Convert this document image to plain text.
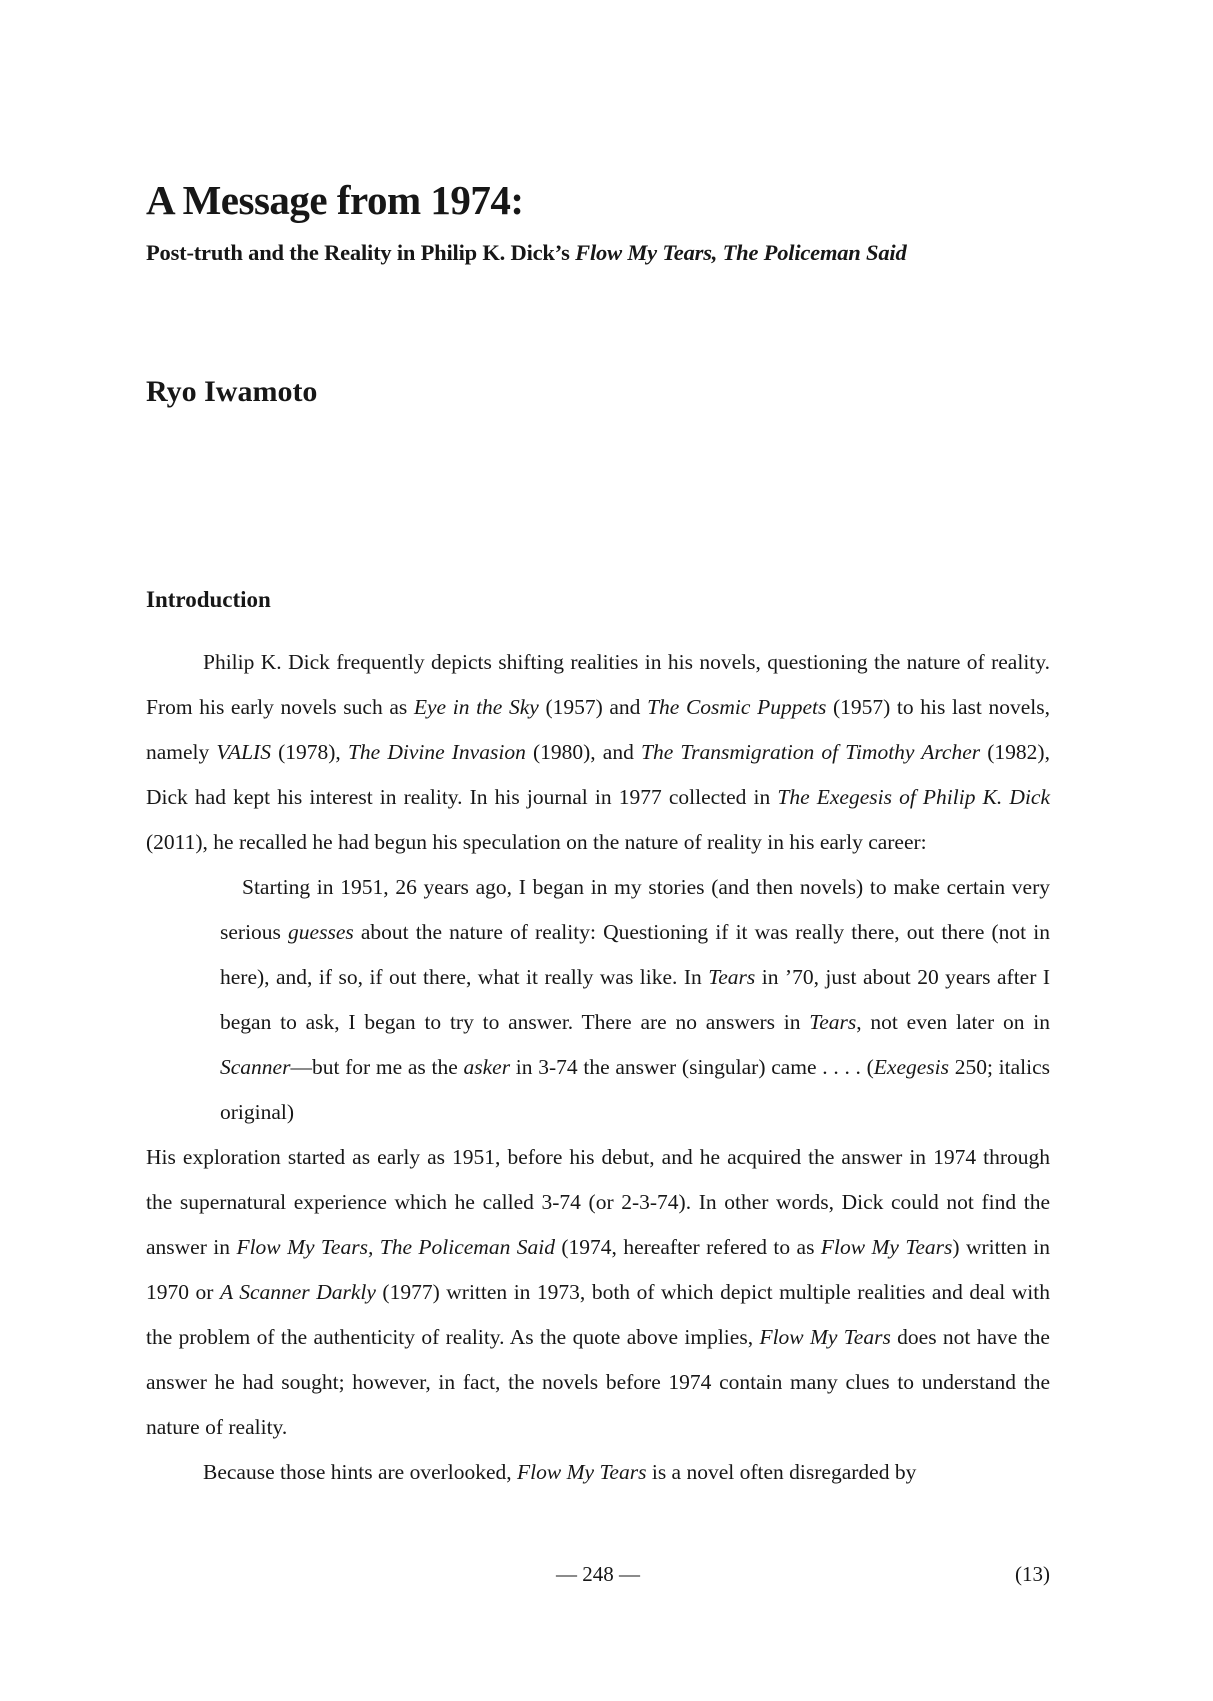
A Message from 1974:
Post-truth and the Reality in Philip K. Dick’s Flow My Tears, The Policeman Said
Ryo Iwamoto
Introduction

Philip K. Dick frequently depicts shifting realities in his novels, questioning the nature of reality. From his early novels such as Eye in the Sky (1957) and The Cosmic Puppets (1957) to his last novels, namely VALIS (1978), The Divine Invasion (1980), and The Transmigration of Timothy Archer (1982), Dick had kept his interest in reality. In his journal in 1977 collected in The Exegesis of Philip K. Dick (2011), he recalled he had begun his speculation on the nature of reality in his early career:

Starting in 1951, 26 years ago, I began in my stories (and then novels) to make certain very serious guesses about the nature of reality: Questioning if it was really there, out there (not in here), and, if so, if out there, what it really was like. In Tears in ’70, just about 20 years after I began to ask, I began to try to answer. There are no answers in Tears, not even later on in Scanner—but for me as the asker in 3-74 the answer (singular) came . . . . (Exegesis 250; italics original)

His exploration started as early as 1951, before his debut, and he acquired the answer in 1974 through the supernatural experience which he called 3-74 (or 2-3-74). In other words, Dick could not find the answer in Flow My Tears, The Policeman Said (1974, hereafter refered to as Flow My Tears) written in 1970 or A Scanner Darkly (1977) written in 1973, both of which depict multiple realities and deal with the problem of the authenticity of reality. As the quote above implies, Flow My Tears does not have the answer he had sought; however, in fact, the novels before 1974 contain many clues to understand the nature of reality.

Because those hints are overlooked, Flow My Tears is a novel often disregarded by

— 248 —	(13)
